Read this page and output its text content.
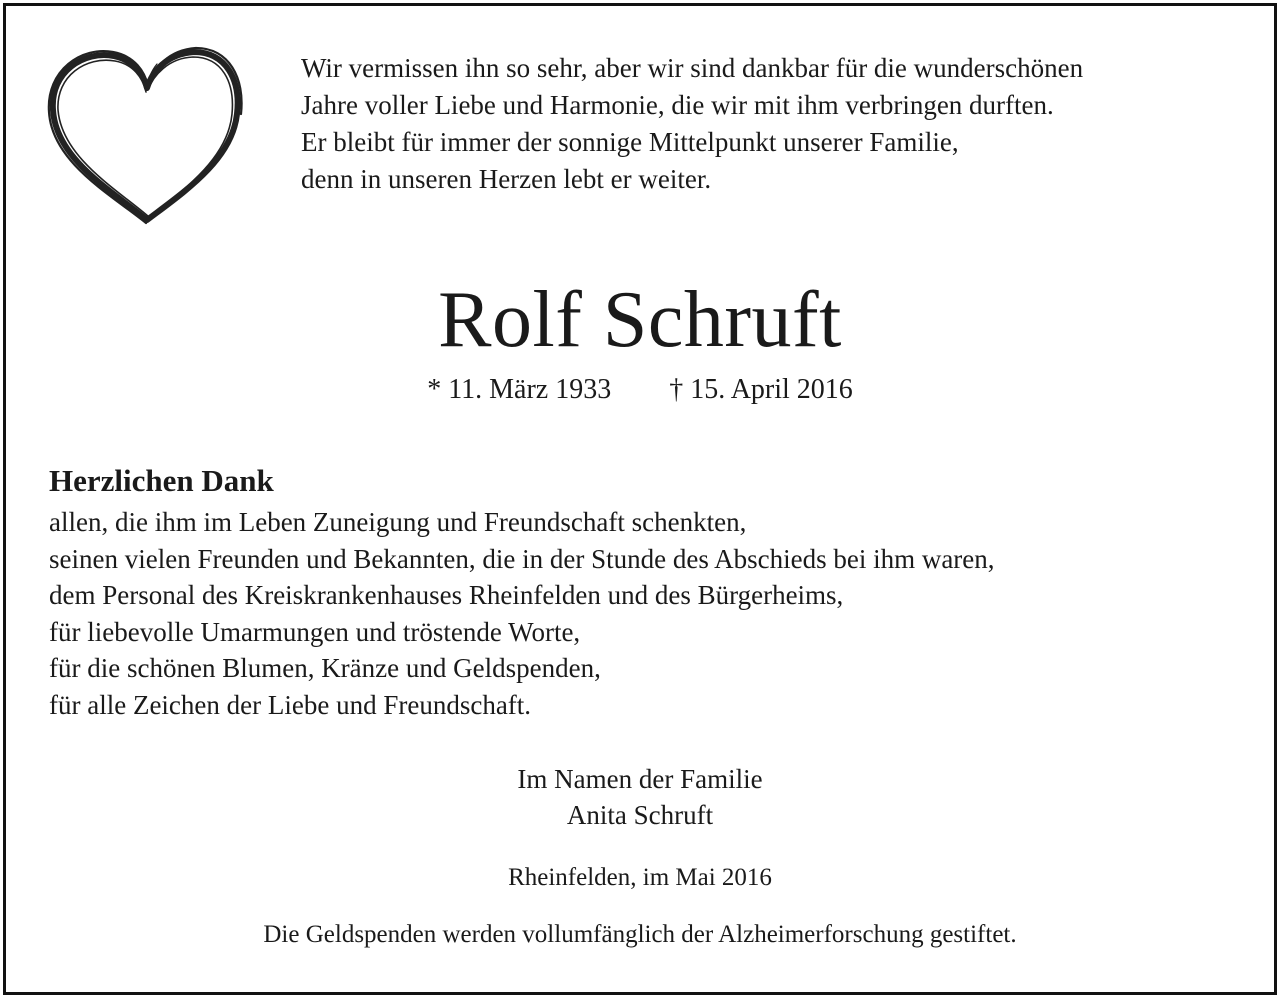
Wir vermissen ihn so sehr, aber wir sind dankbar für die wunderschönen
Jahre voller Liebe und Harmonie, die wir mit ihm verbringen durften.
Er bleibt für immer der sonnige Mittelpunkt unserer Familie,
denn in unseren Herzen lebt er weiter.
Rolf Schruft
* 11. März 1933 † 15. April 2016
Herzlichen Dank
allen, die ihm im Leben Zuneigung und Freundschaft schenkten,
seinen vielen Freunden und Bekannten, die in der Stunde des Abschieds bei ihm waren,
dem Personal des Kreiskrankenhauses Rheinfelden und des Bürgerheims,
für liebevolle Umarmungen und tröstende Worte,
für die schönen Blumen, Kränze und Geldspenden,
für alle Zeichen der Liebe und Freundschaft.
Im Namen der Familie
Anita Schruft
Rheinfelden, im Mai 2016
Die Geldspenden werden vollumfänglich der Alzheimerforschung gestiftet.
